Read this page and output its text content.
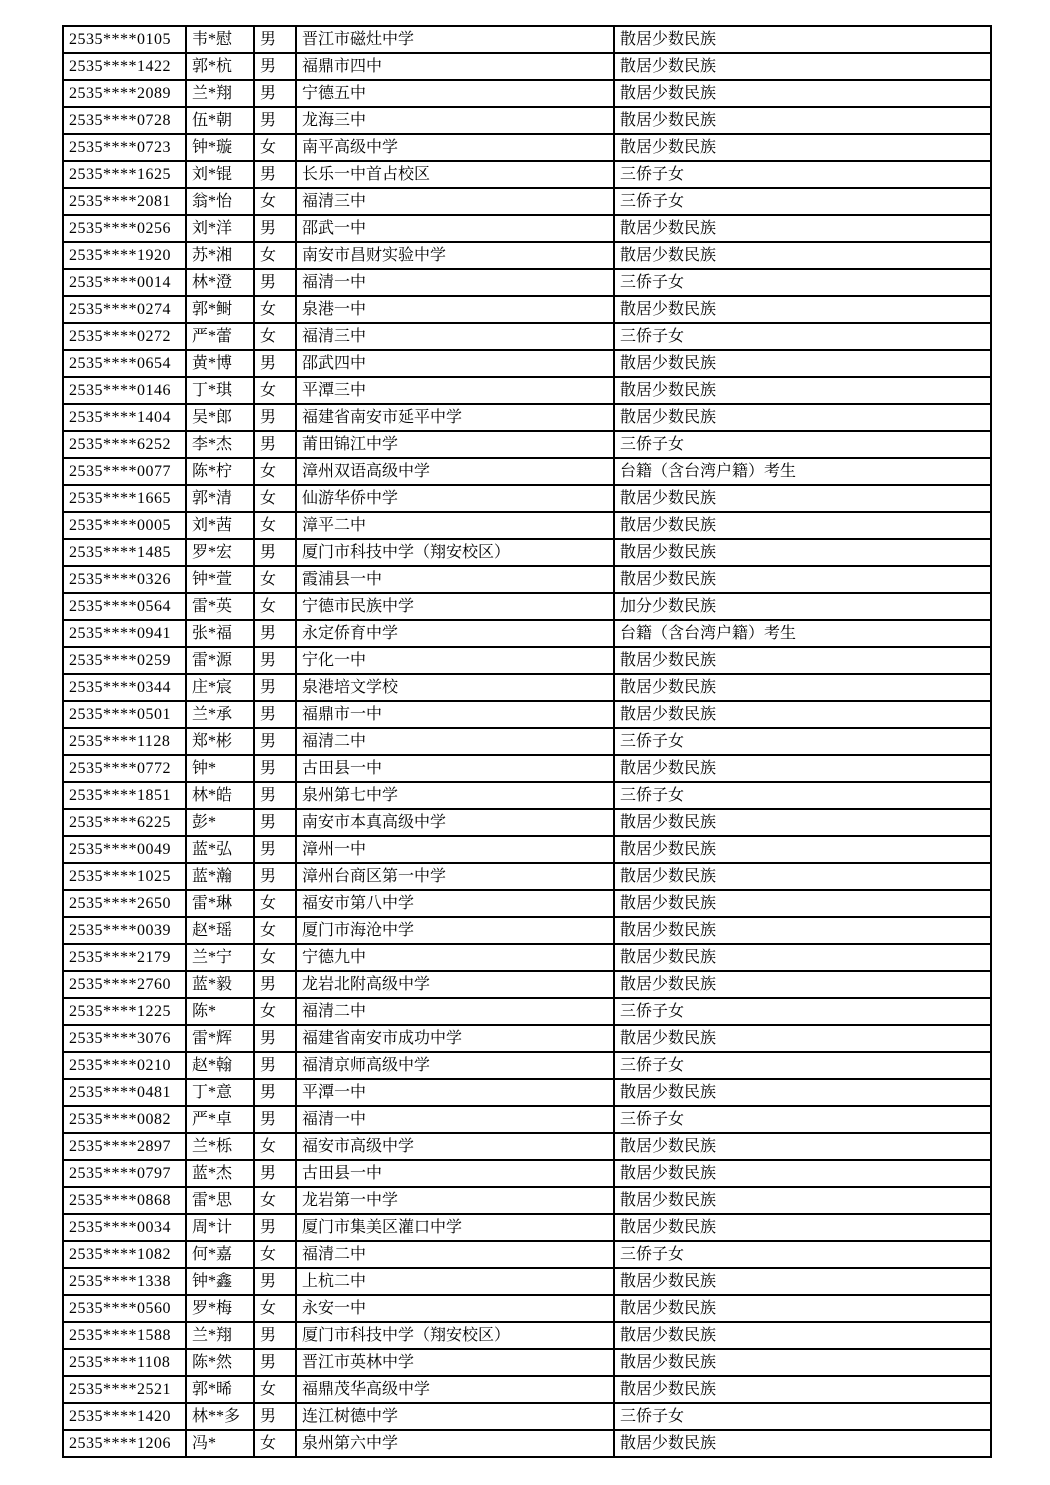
2535****0105	韦*慰	男	晋江市磁灶中学	散居少数民族
2535****1422	郭*杭	男	福鼎市四中	散居少数民族
2535****2089	兰*翔	男	宁德五中	散居少数民族
2535****0728	伍*朝	男	龙海三中	散居少数民族
2535****0723	钟*璇	女	南平高级中学	散居少数民族
2535****1625	刘*锟	男	长乐一中首占校区	三侨子女
2535****2081	翁*怡	女	福清三中	三侨子女
2535****0256	刘*洋	男	邵武一中	散居少数民族
2535****1920	苏*湘	女	南安市昌财实验中学	散居少数民族
2535****0014	林*澄	男	福清一中	三侨子女
2535****0274	郭*鲥	女	泉港一中	散居少数民族
2535****0272	严*蕾	女	福清三中	三侨子女
2535****0654	黄*博	男	邵武四中	散居少数民族
2535****0146	丁*琪	女	平潭三中	散居少数民族
2535****1404	吴*郎	男	福建省南安市延平中学	散居少数民族
2535****6252	李*杰	男	莆田锦江中学	三侨子女
2535****0077	陈*柠	女	漳州双语高级中学	台籍（含台湾户籍）考生
2535****1665	郭*清	女	仙游华侨中学	散居少数民族
2535****0005	刘*茜	女	漳平二中	散居少数民族
2535****1485	罗*宏	男	厦门市科技中学（翔安校区）	散居少数民族
2535****0326	钟*萱	女	霞浦县一中	散居少数民族
2535****0564	雷*英	女	宁德市民族中学	加分少数民族
2535****0941	张*福	男	永定侨育中学	台籍（含台湾户籍）考生
2535****0259	雷*源	男	宁化一中	散居少数民族
2535****0344	庄*宸	男	泉港培文学校	散居少数民族
2535****0501	兰*承	男	福鼎市一中	散居少数民族
2535****1128	郑*彬	男	福清二中	三侨子女
2535****0772	钟*	男	古田县一中	散居少数民族
2535****1851	林*皓	男	泉州第七中学	三侨子女
2535****6225	彭*	男	南安市本真高级中学	散居少数民族
2535****0049	蓝*弘	男	漳州一中	散居少数民族
2535****1025	蓝*瀚	男	漳州台商区第一中学	散居少数民族
2535****2650	雷*琳	女	福安市第八中学	散居少数民族
2535****0039	赵*瑶	女	厦门市海沧中学	散居少数民族
2535****2179	兰*宁	女	宁德九中	散居少数民族
2535****2760	蓝*毅	男	龙岩北附高级中学	散居少数民族
2535****1225	陈*	女	福清二中	三侨子女
2535****3076	雷*辉	男	福建省南安市成功中学	散居少数民族
2535****0210	赵*翰	男	福清京师高级中学	三侨子女
2535****0481	丁*意	男	平潭一中	散居少数民族
2535****0082	严*卓	男	福清一中	三侨子女
2535****2897	兰*栎	女	福安市高级中学	散居少数民族
2535****0797	蓝*杰	男	古田县一中	散居少数民族
2535****0868	雷*思	女	龙岩第一中学	散居少数民族
2535****0034	周*计	男	厦门市集美区灌口中学	散居少数民族
2535****1082	何*嘉	女	福清二中	三侨子女
2535****1338	钟*鑫	男	上杭二中	散居少数民族
2535****0560	罗*梅	女	永安一中	散居少数民族
2535****1588	兰*翔	男	厦门市科技中学（翔安校区）	散居少数民族
2535****1108	陈*然	男	晋江市英林中学	散居少数民族
2535****2521	郭*晞	女	福鼎茂华高级中学	散居少数民族
2535****1420	林**多	男	连江树德中学	三侨子女
2535****1206	冯*	女	泉州第六中学	散居少数民族
